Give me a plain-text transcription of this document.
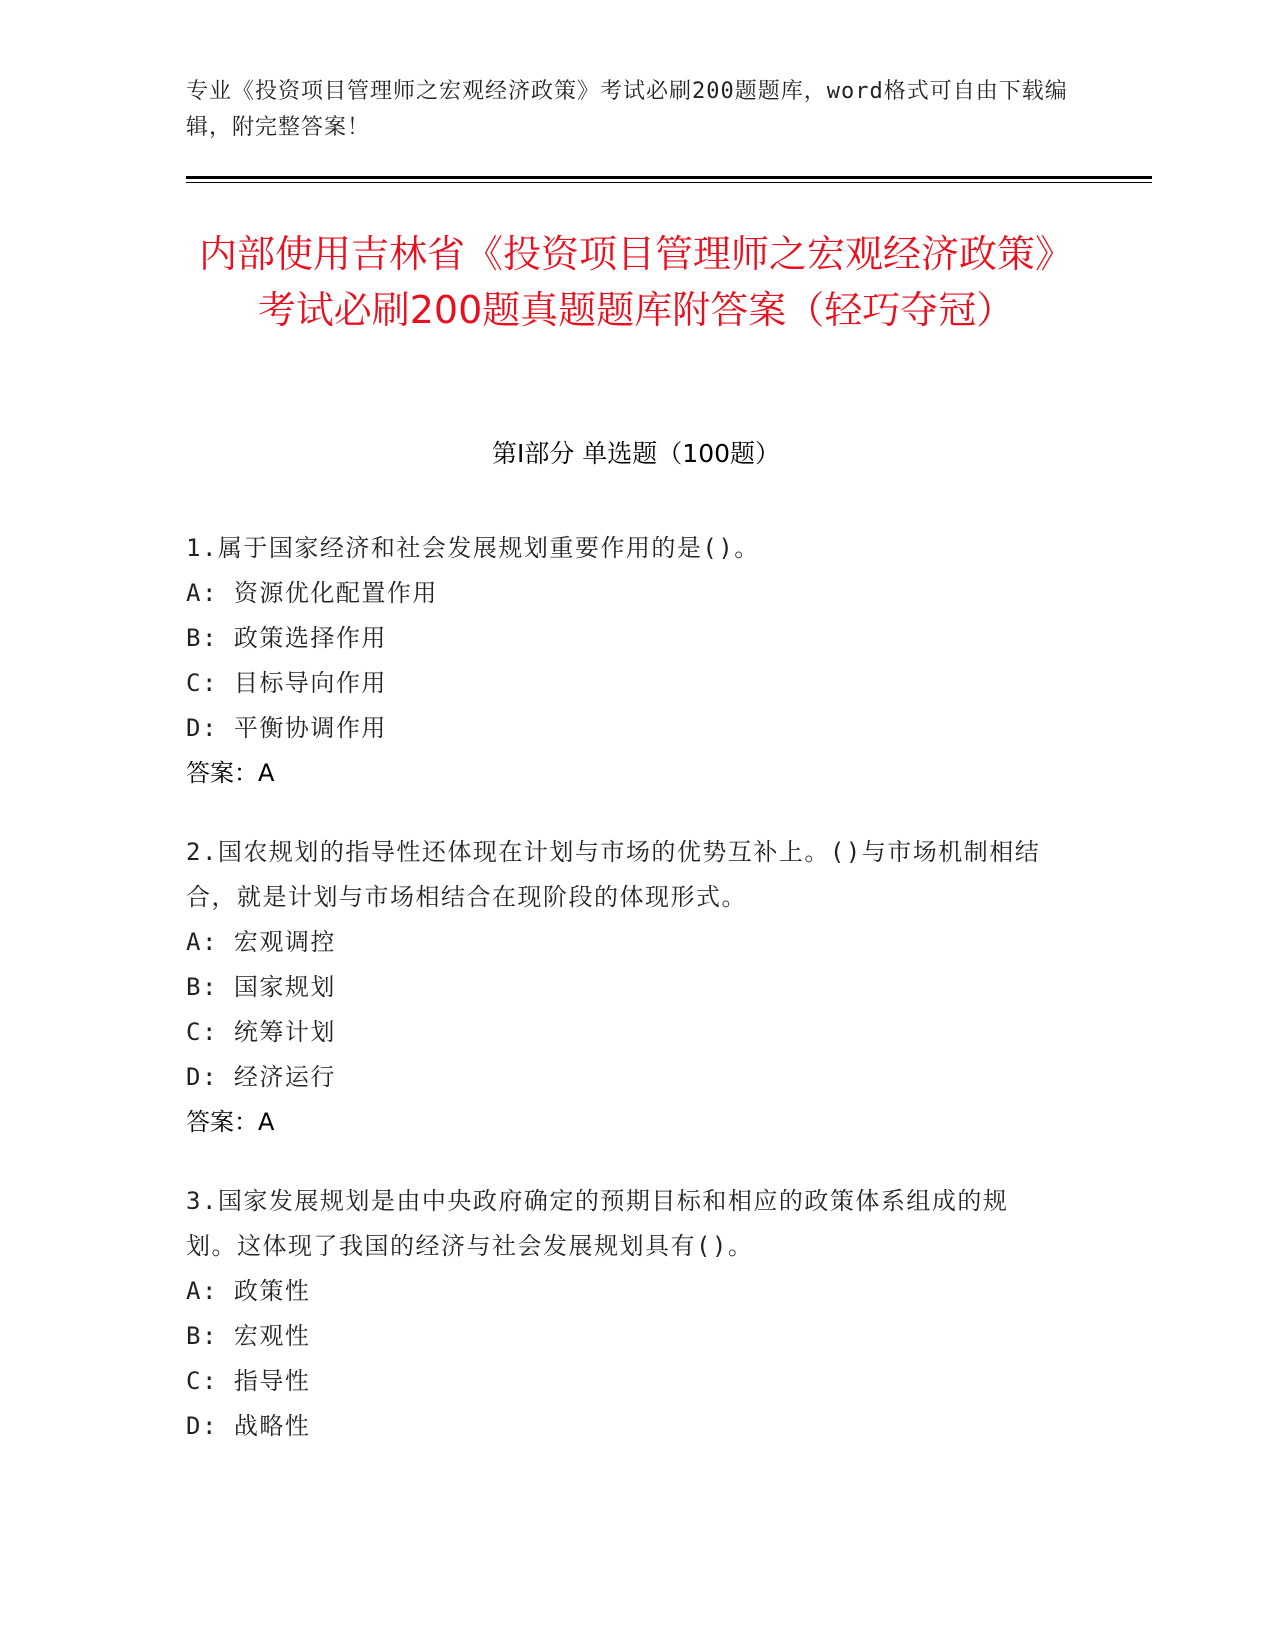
专业《投资项目管理师之宏观经济政策》考试必刷200题题库，word格式可自由下载编辑，附完整答案！
内部使用吉林省《投资项目管理师之宏观经济政策》考试必刷200题真题题库附答案（轻巧夺冠）
第Ⅰ部分 单选题（100题）

1.属于国家经济和社会发展规划重要作用的是()。

A: 资源优化配置作用

B: 政策选择作用

C: 目标导向作用

D: 平衡协调作用

答案：A

2.国农规划的指导性还体现在计划与市场的优势互补上。()与市场机制相结合，就是计划与市场相结合在现阶段的体现形式。

A: 宏观调控

B: 国家规划

C: 统筹计划

D: 经济运行

答案：A

3.国家发展规划是由中央政府确定的预期目标和相应的政策体系组成的规划。这体现了我国的经济与社会发展规划具有()。

A: 政策性

B: 宏观性

C: 指导性

D: 战略性
